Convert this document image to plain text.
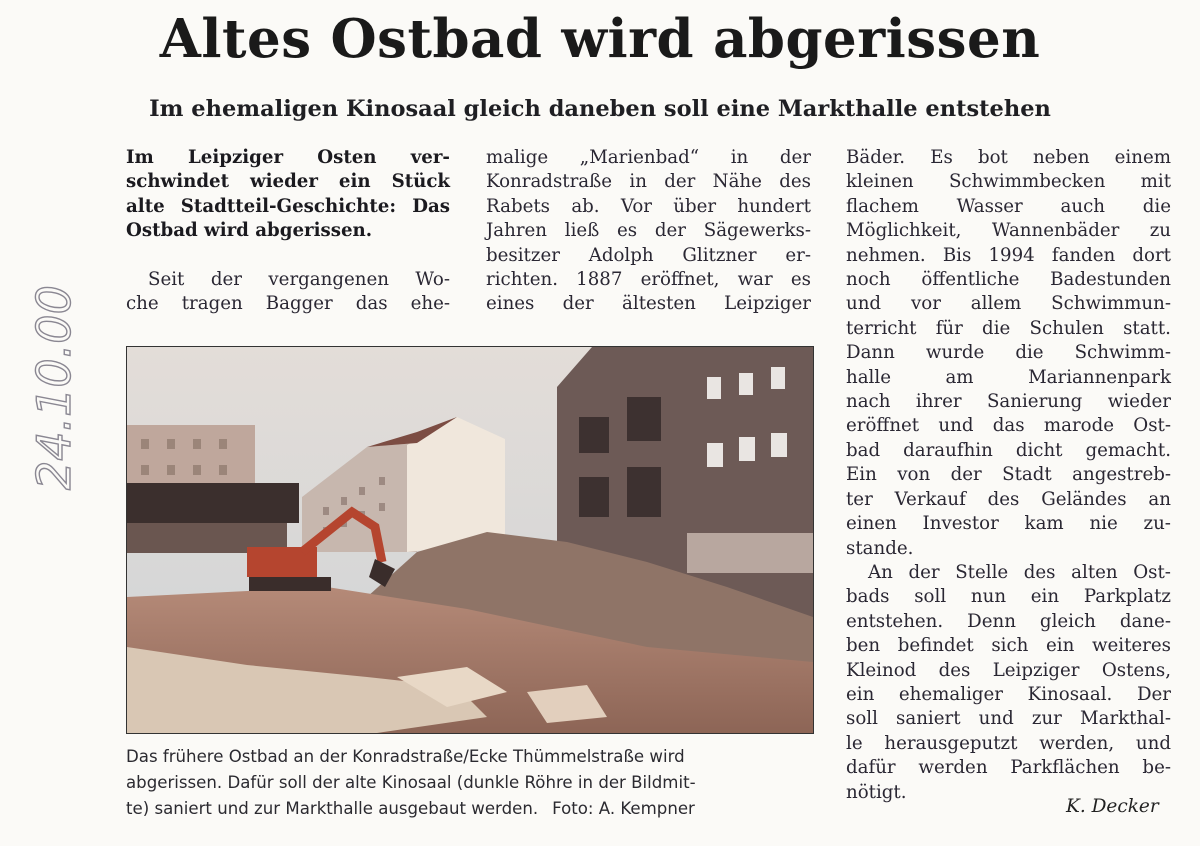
Altes Ostbad wird abgerissen
Im ehemaligen Kinosaal gleich daneben soll eine Markthalle entstehen
24.10.00
Im Leipziger Osten ver-
schwindet wieder ein Stück
alte Stadtteil-Geschichte: Das
Ostbad wird abgerissen.
Seit der vergangenen Wo-
che tragen Bagger das ehe-
malige „Marienbad“ in der
Konradstraße in der Nähe des
Rabets ab. Vor über hundert
Jahren ließ es der Sägewerks-
besitzer Adolph Glitzner er-
richten. 1887 eröffnet, war es
eines der ältesten Leipziger
Bäder. Es bot neben einem
kleinen Schwimmbecken mit
flachem Wasser auch die
Möglichkeit, Wannenbäder zu
nehmen. Bis 1994 fanden dort
noch öffentliche Badestunden
und vor allem Schwimmun-
terricht für die Schulen statt.
Dann wurde die Schwimm-
halle	am	Mariannenpark
nach ihrer Sanierung wieder
eröffnet und das marode Ost-
bad daraufhin dicht gemacht.
Ein von der Stadt angestreb-
ter Verkauf des Geländes an
einen Investor kam nie zu-
stande.
An der Stelle des alten Ost-
bads soll nun ein Parkplatz
entstehen. Denn gleich dane-
ben befindet sich ein weiteres
Kleinod des Leipziger Ostens,
ein ehemaliger Kinosaal. Der
soll saniert und zur Markthal-
le herausgeputzt werden, und
dafür werden Parkflächen be-
nötigt.
Das frühere Ostbad an der Konradstraße/Ecke Thümmelstraße wird
abgerissen. Dafür soll der alte Kinosaal (dunkle Röhre in der Bildmit-
te) saniert und zur Markthalle ausgebaut werden. Foto: A. Kempner	K. Decker
